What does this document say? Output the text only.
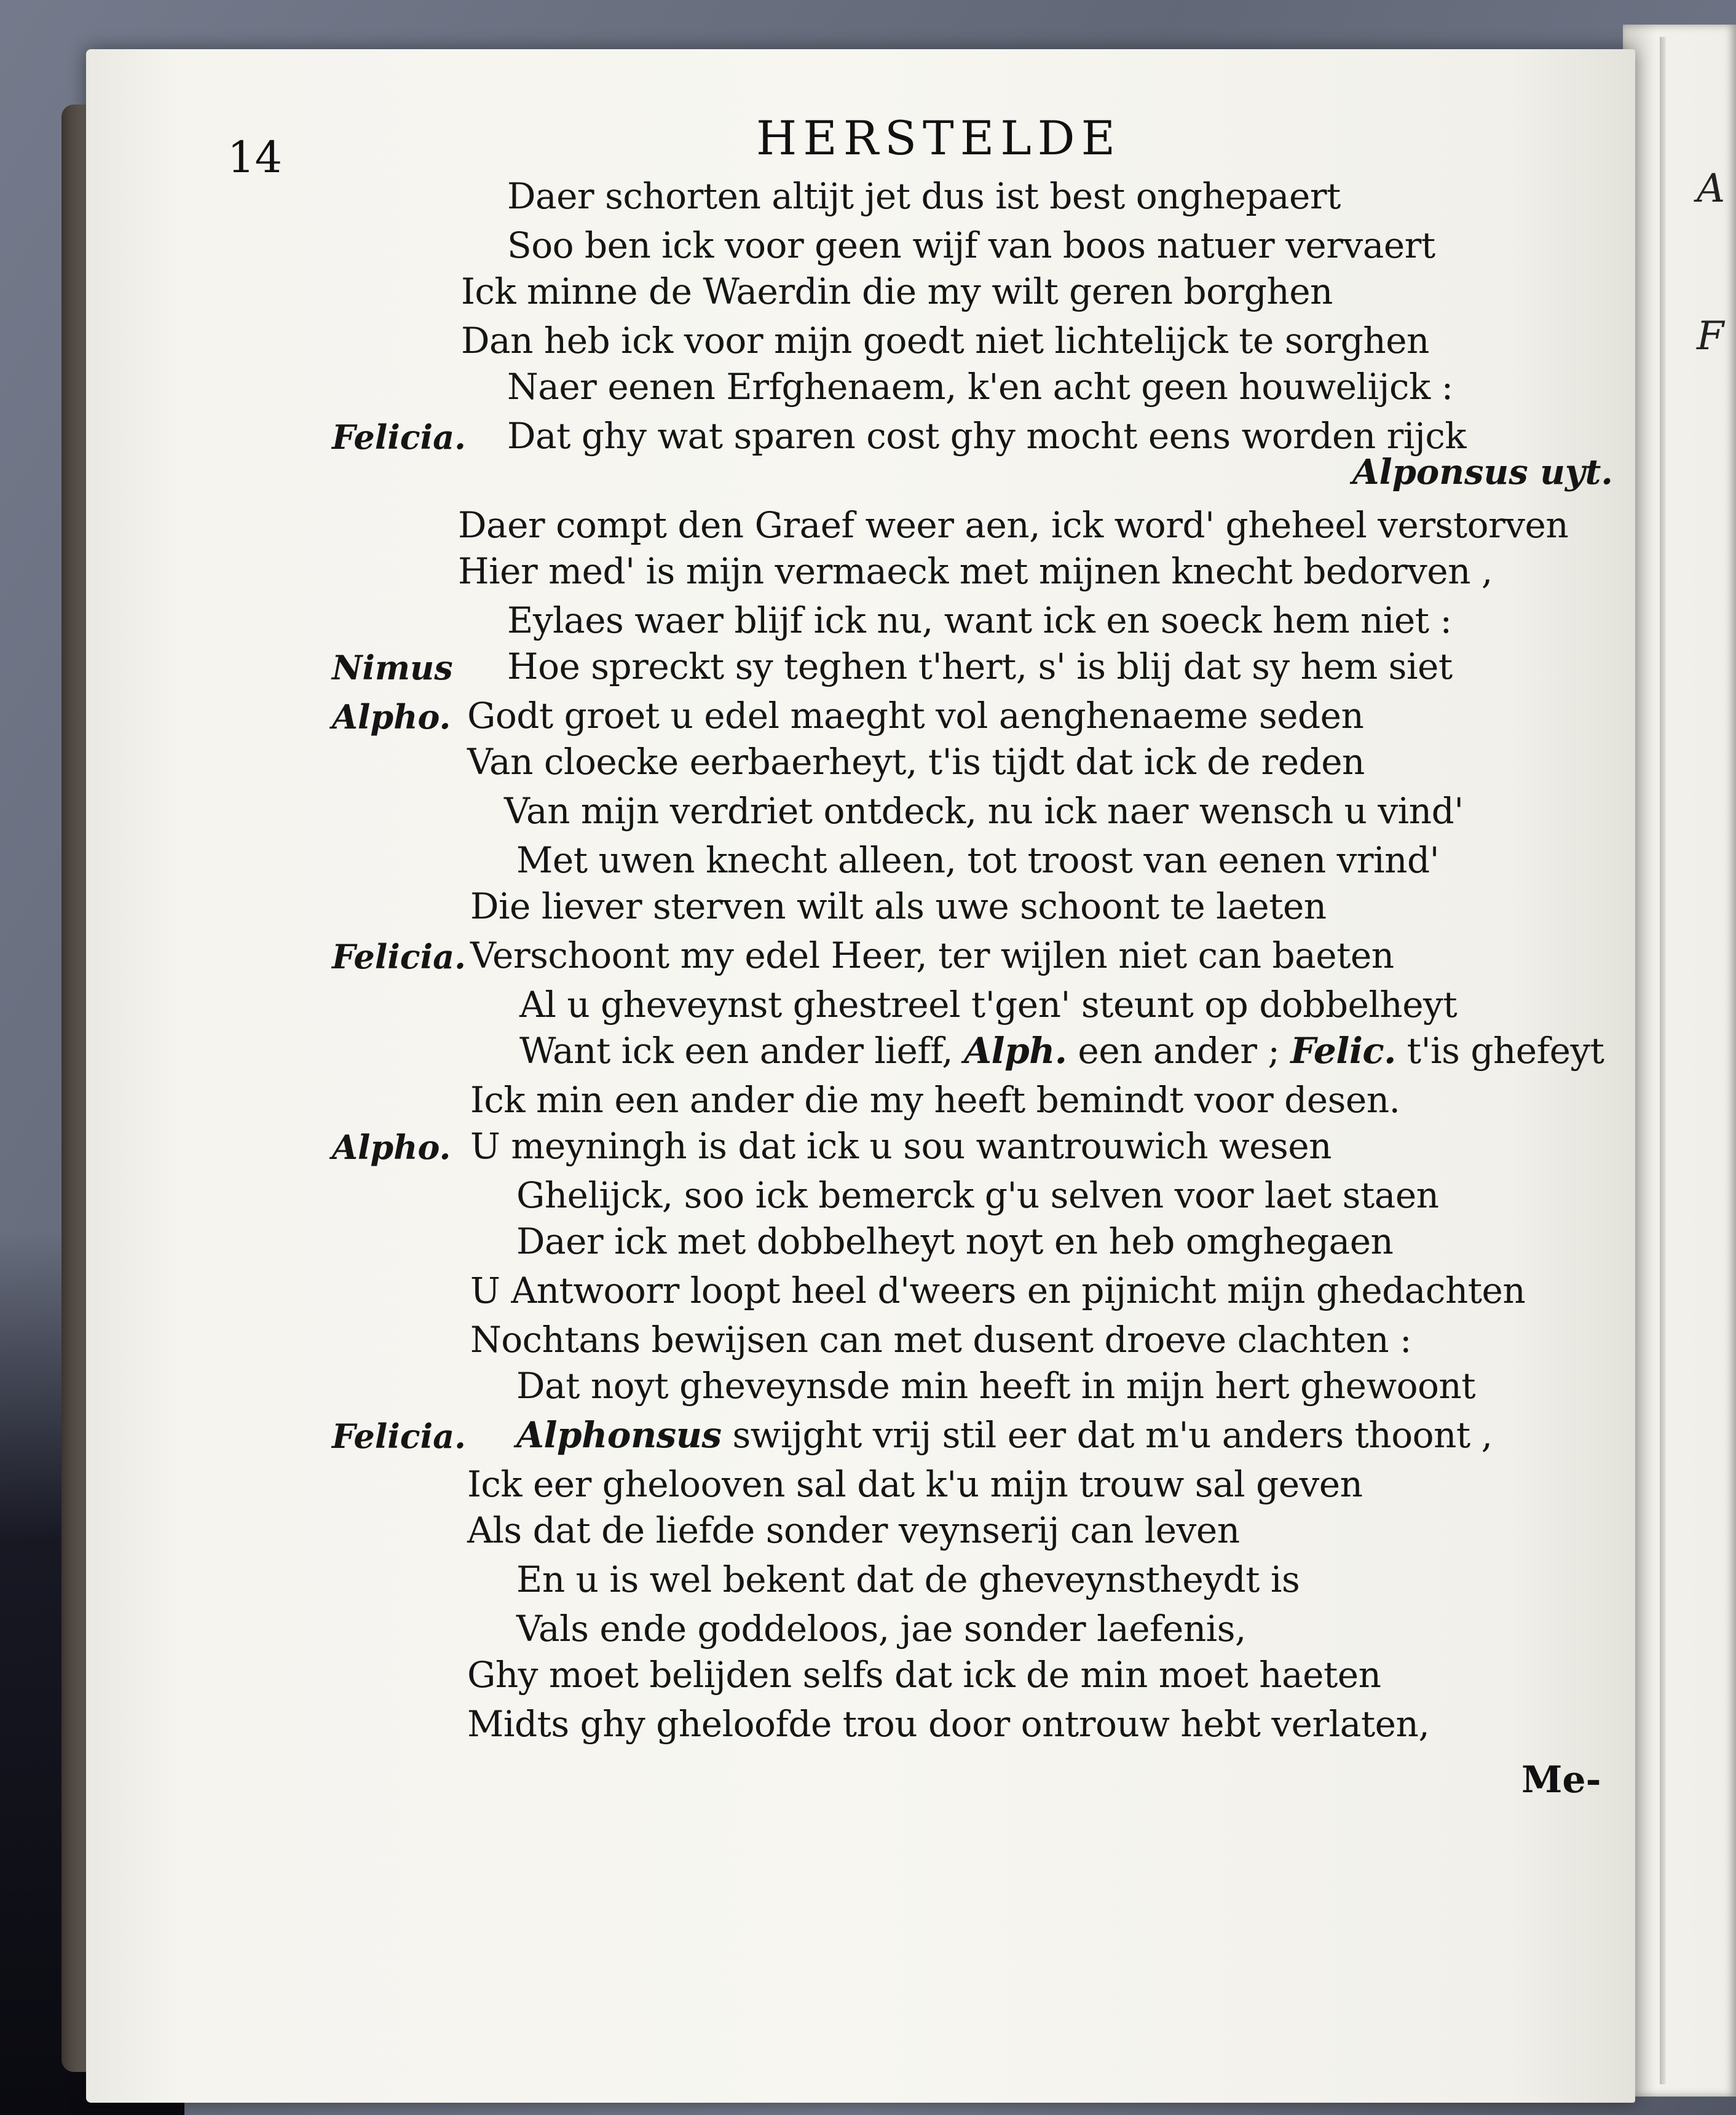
A
F
14	HERSTELDE
Daer schorten altijt jet dus ist best onghepaert
Soo ben ick voor geen wijf van boos natuer vervaert
Ick minne de Waerdin die my wilt geren borghen
Dan heb ick voor mijn goedt niet lichtelijck te sorghen
Naer eenen Erfghenaem, k'en acht geen houwelijck :
Dat ghy wat sparen cost ghy mocht eens worden rijck
Felicia.
Daer compt den Graef weer aen, ick word' gheheel verstorven
Hier med' is mijn vermaeck met mijnen knecht bedorven ,
Eylaes waer blijf ick nu, want ick en soeck hem niet :
Hoe spreckt sy teghen t'hert, s' is blij dat sy hem siet
Nimus
Godt groet u edel maeght vol aenghenaeme seden
Alpho.
Van cloecke eerbaerheyt, t'is tijdt dat ick de reden
Van mijn verdriet ontdeck, nu ick naer wensch u vind'
Met uwen knecht alleen, tot troost van eenen vrind'
Die liever sterven wilt als uwe schoont te laeten
Verschoont my edel Heer, ter wijlen niet can baeten
Felicia.
Al u gheveynst ghestreel t'gen' steunt op dobbelheyt
Want ick een ander lieff, Alph. een ander ; Felic. t'is ghefeyt
Ick min een ander die my heeft bemindt voor desen.
U meyningh is dat ick u sou wantrouwich wesen
Alpho.
Ghelijck, soo ick bemerck g'u selven voor laet staen
Daer ick met dobbelheyt noyt en heb omghegaen
U Antwoorr loopt heel d'weers en pijnicht mijn ghedachten
Nochtans bewijsen can met dusent droeve clachten :
Dat noyt gheveynsde min heeft in mijn hert ghewoont
Alphonsus swijght vrij stil eer dat m'u anders thoont ,
Felicia.
Ick eer ghelooven sal dat k'u mijn trouw sal geven
Als dat de liefde sonder veynserij can leven
En u is wel bekent dat de gheveynstheydt is
Vals ende goddeloos, jae sonder laefenis,
Ghy moet belijden selfs dat ick de min moet haeten
Midts ghy gheloofde trou door ontrouw hebt verlaten,
Alponsus uyt.
Me-
